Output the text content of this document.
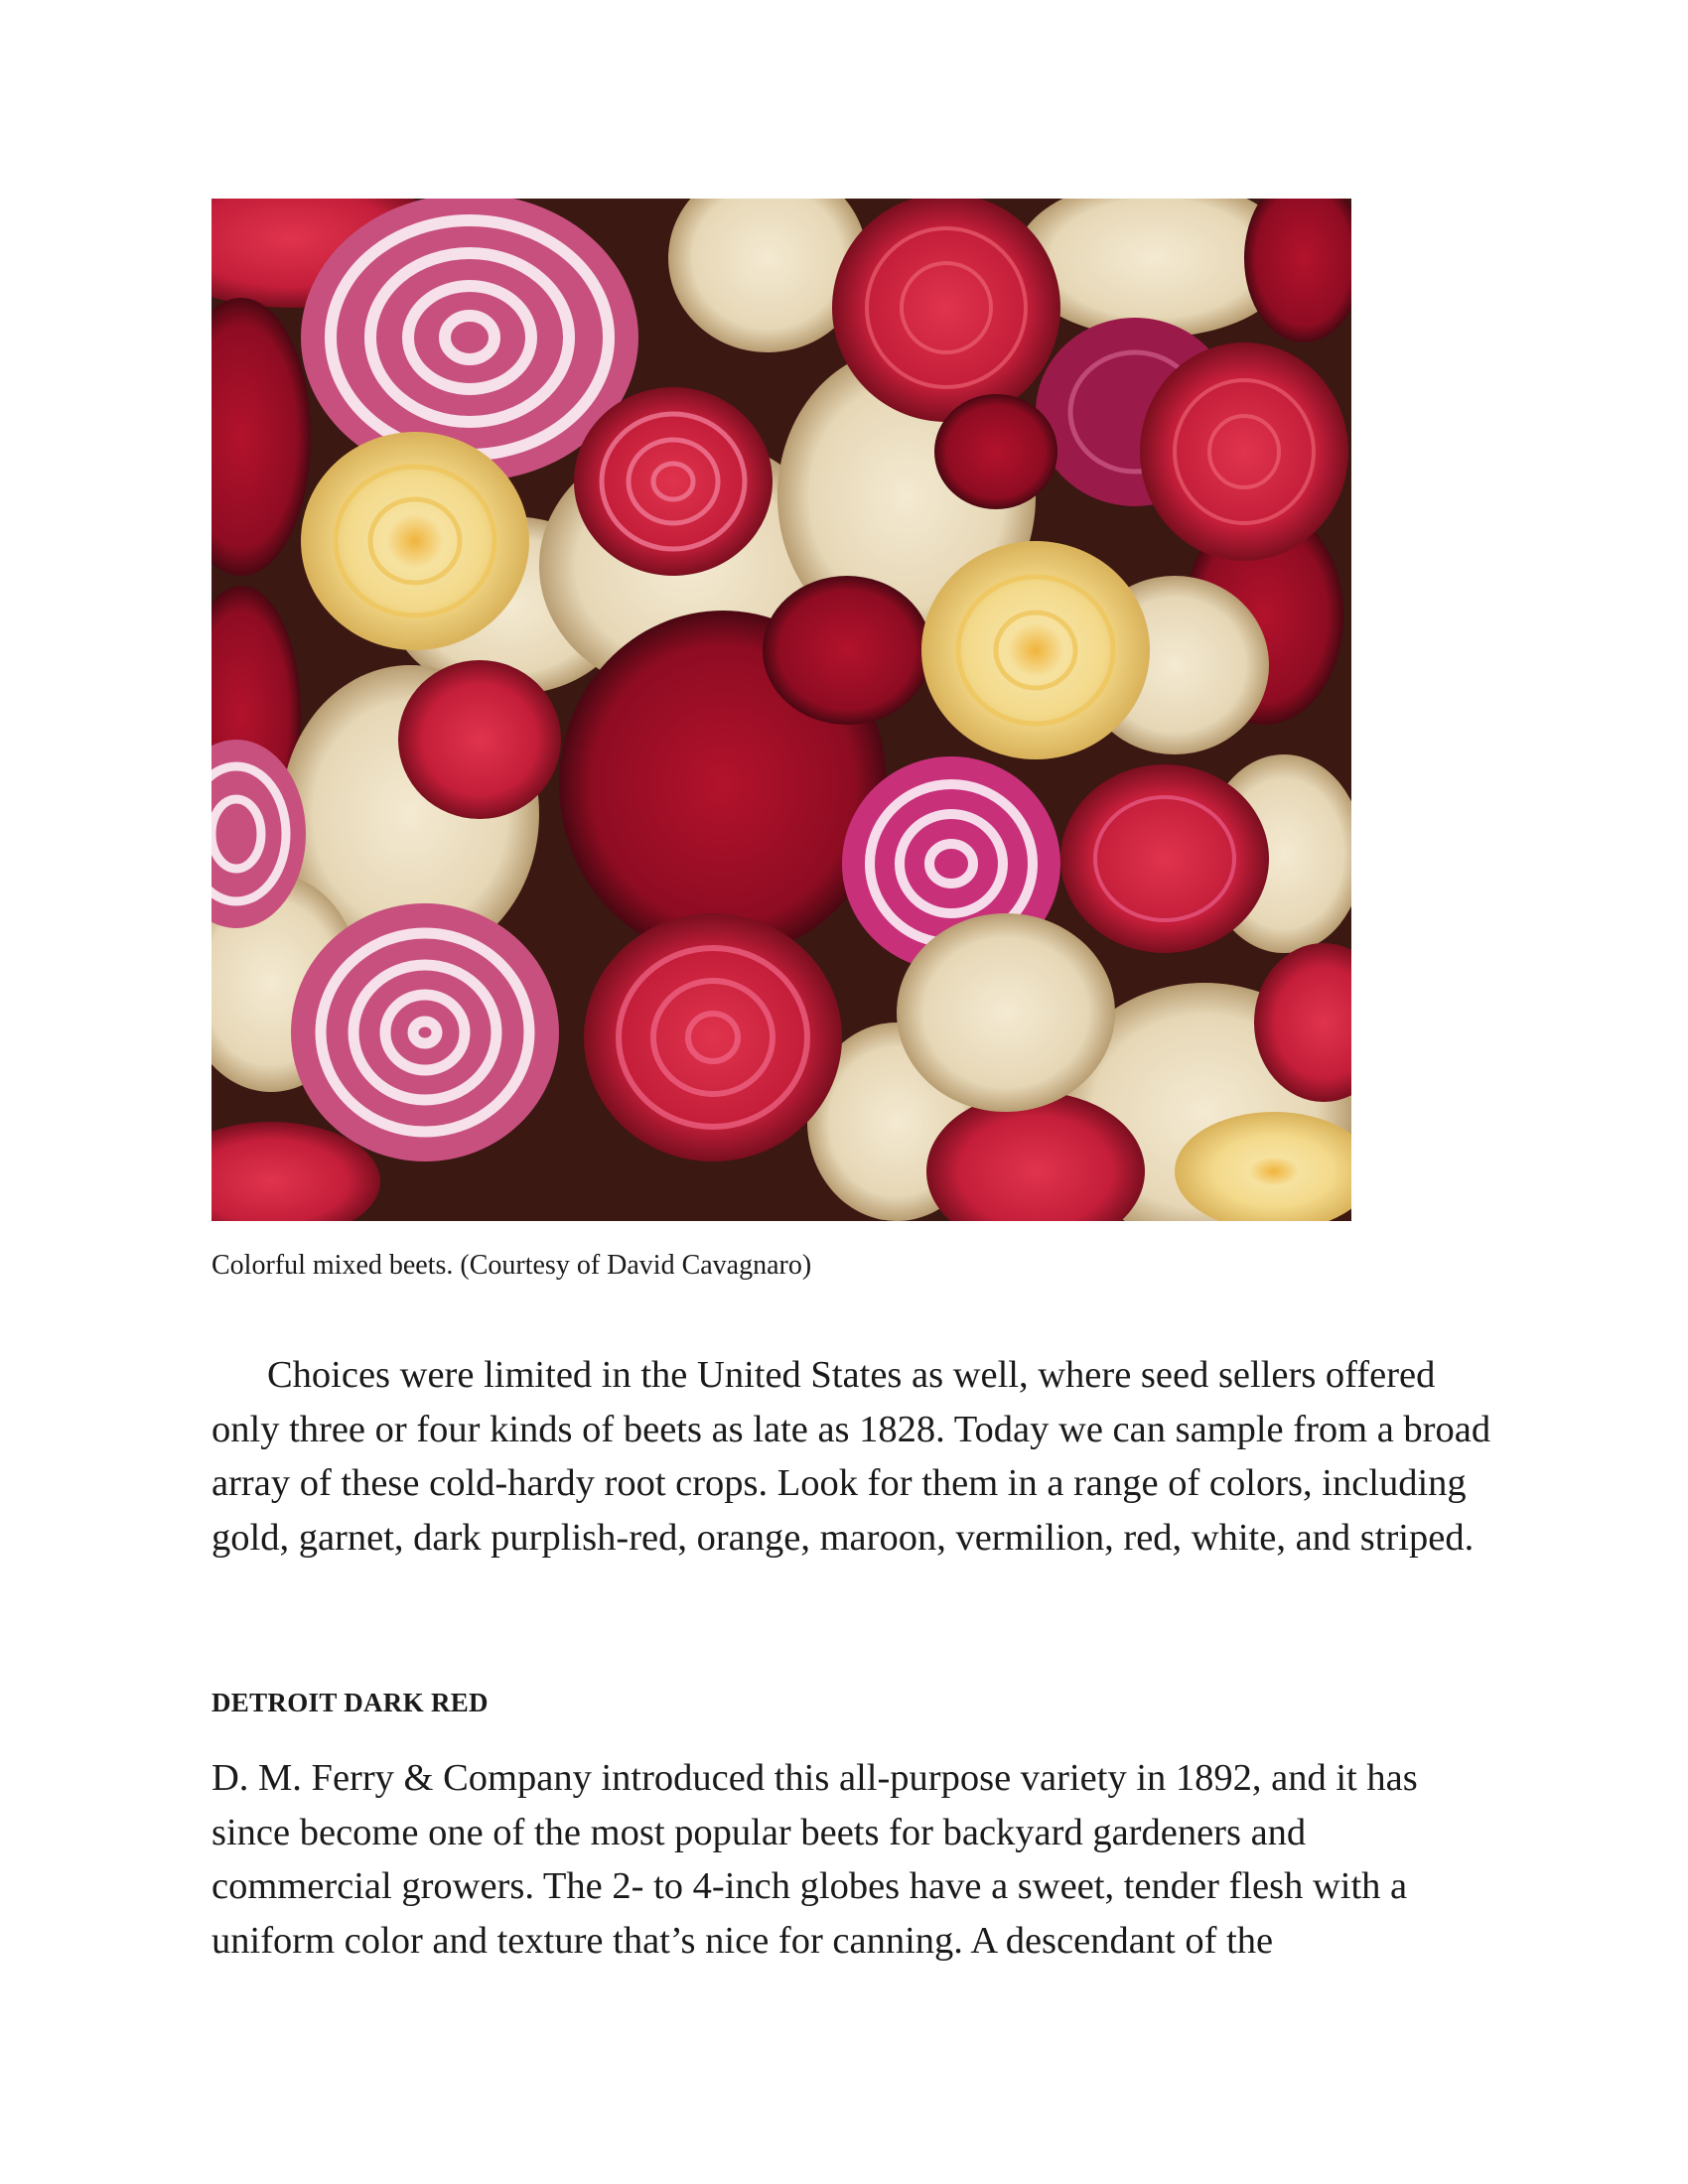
Colorful mixed beets. (Courtesy of David Cavagnaro)

Choices were limited in the United States as well, where seed sellers offered only three or four kinds of beets as late as 1828. Today we can sample from a broad array of these cold-hardy root crops. Look for them in a range of colors, including gold, garnet, dark purplish-red, orange, maroon, vermilion, red, white, and striped.

DETROIT DARK RED

D. M. Ferry & Company introduced this all-purpose variety in 1892, and it has since become one of the most popular beets for backyard gardeners and commercial growers. The 2- to 4-inch globes have a sweet, tender flesh with a uniform color and texture that’s nice for canning. A descendant of the
